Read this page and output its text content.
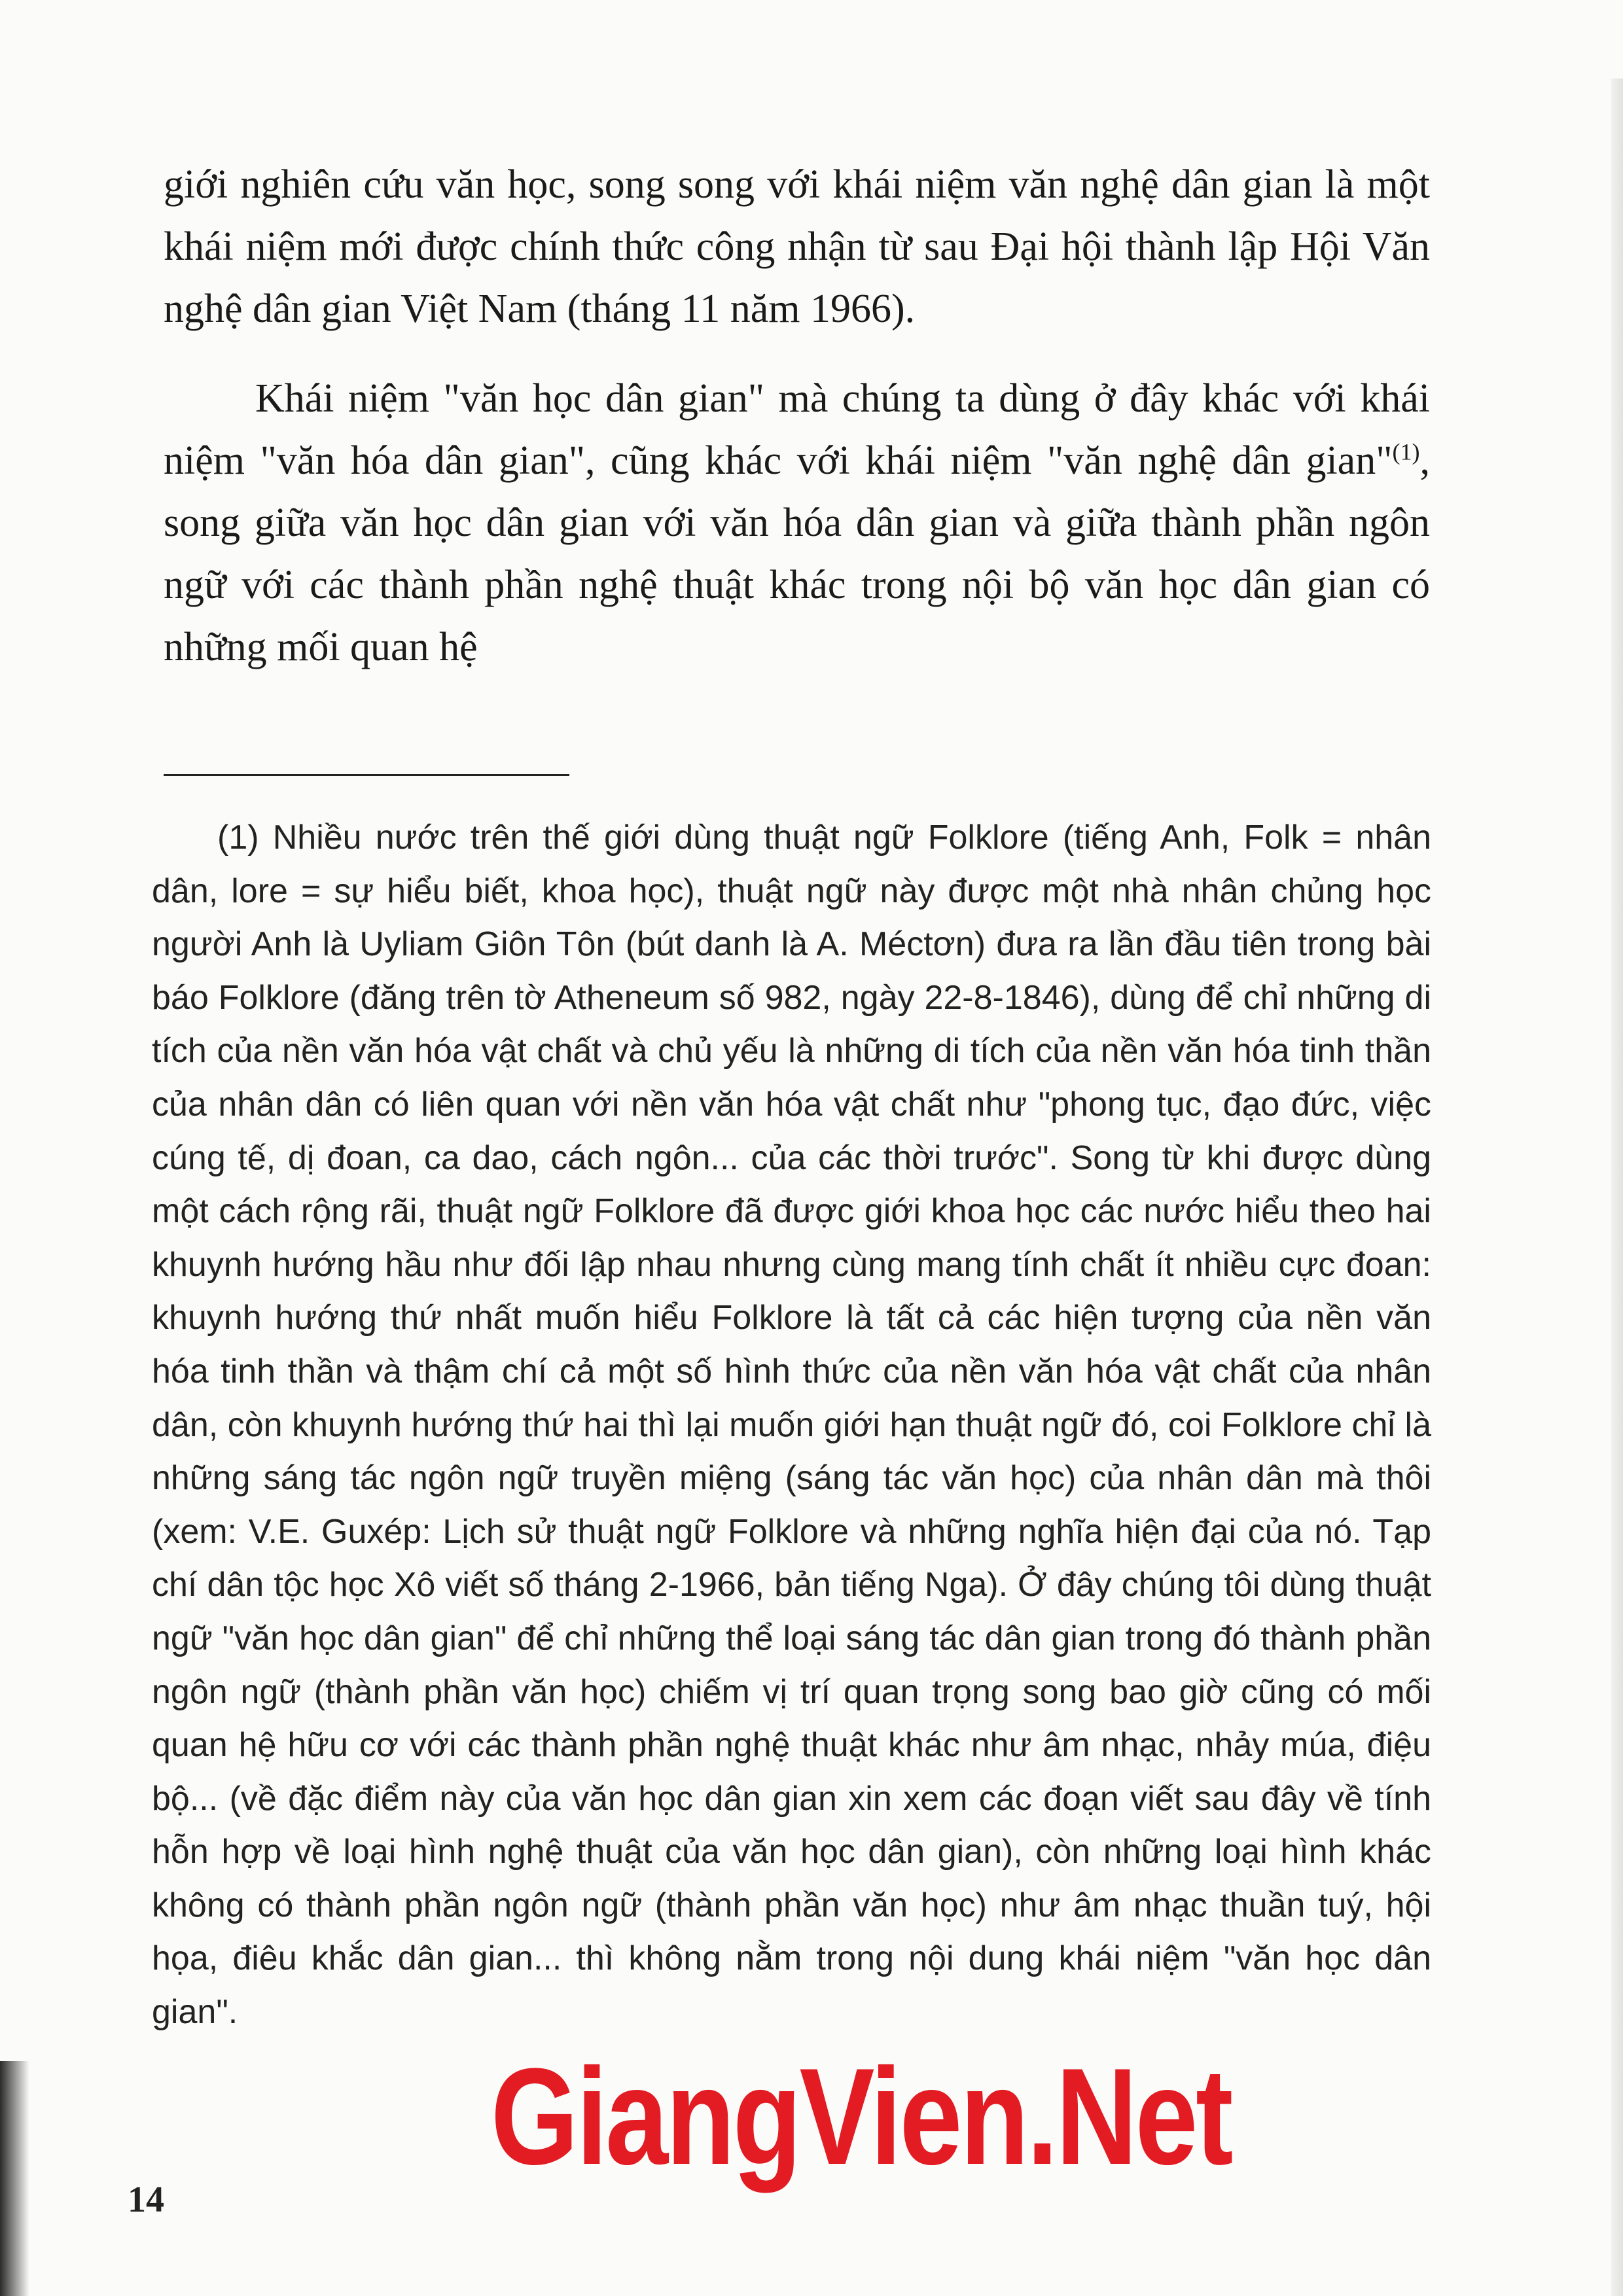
giới nghiên cứu văn học, song song với khái niệm văn nghệ dân gian là một khái niệm mới được chính thức công nhận từ sau Đại hội thành lập Hội Văn nghệ dân gian Việt Nam (tháng 11 năm 1966).

Khái niệm "văn học dân gian" mà chúng ta dùng ở đây khác với khái niệm "văn hóa dân gian", cũng khác với khái niệm "văn nghệ dân gian"$^{(1)}$, song giữa văn học dân gian với văn hóa dân gian và giữa thành phần ngôn ngữ với các thành phần nghệ thuật khác trong nội bộ văn học dân gian có những mối quan hệ

(1) Nhiều nước trên thế giới dùng thuật ngữ Folklore (tiếng Anh, Folk = nhân dân, lore = sự hiểu biết, khoa học), thuật ngữ này được một nhà nhân chủng học người Anh là Uyliam Giôn Tôn (bút danh là A. Méctơn) đưa ra lần đầu tiên trong bài báo Folklore (đăng trên tờ Atheneum số 982, ngày 22-8-1846), dùng để chỉ những di tích của nền văn hóa vật chất và chủ yếu là những di tích của nền văn hóa tinh thần của nhân dân có liên quan với nền văn hóa vật chất như "phong tục, đạo đức, việc cúng tế, dị đoan, ca dao, cách ngôn... của các thời trước". Song từ khi được dùng một cách rộng rãi, thuật ngữ Folklore đã được giới khoa học các nước hiểu theo hai khuynh hướng hầu như đối lập nhau nhưng cùng mang tính chất ít nhiều cực đoan: khuynh hướng thứ nhất muốn hiểu Folklore là tất cả các hiện tượng của nền văn hóa tinh thần và thậm chí cả một số hình thức của nền văn hóa vật chất của nhân dân, còn khuynh hướng thứ hai thì lại muốn giới hạn thuật ngữ đó, coi Folklore chỉ là những sáng tác ngôn ngữ truyền miệng (sáng tác văn học) của nhân dân mà thôi (xem: V.E. Guxép: Lịch sử thuật ngữ Folklore và những nghĩa hiện đại của nó. Tạp chí dân tộc học Xô viết số tháng 2-1966, bản tiếng Nga). Ở đây chúng tôi dùng thuật ngữ "văn học dân gian" để chỉ những thể loại sáng tác dân gian trong đó thành phần ngôn ngữ (thành phần văn học) chiếm vị trí quan trọng song bao giờ cũng có mối quan hệ hữu cơ với các thành phần nghệ thuật khác như âm nhạc, nhảy múa, điệu bộ... (về đặc điểm này của văn học dân gian xin xem các đoạn viết sau đây về tính hỗn hợp về loại hình nghệ thuật của văn học dân gian), còn những loại hình khác không có thành phần ngôn ngữ (thành phần văn học) như âm nhạc thuần tuý, hội họa, điêu khắc dân gian... thì không nằm trong nội dung khái niệm "văn học dân gian".

14
GiangVien.Net
